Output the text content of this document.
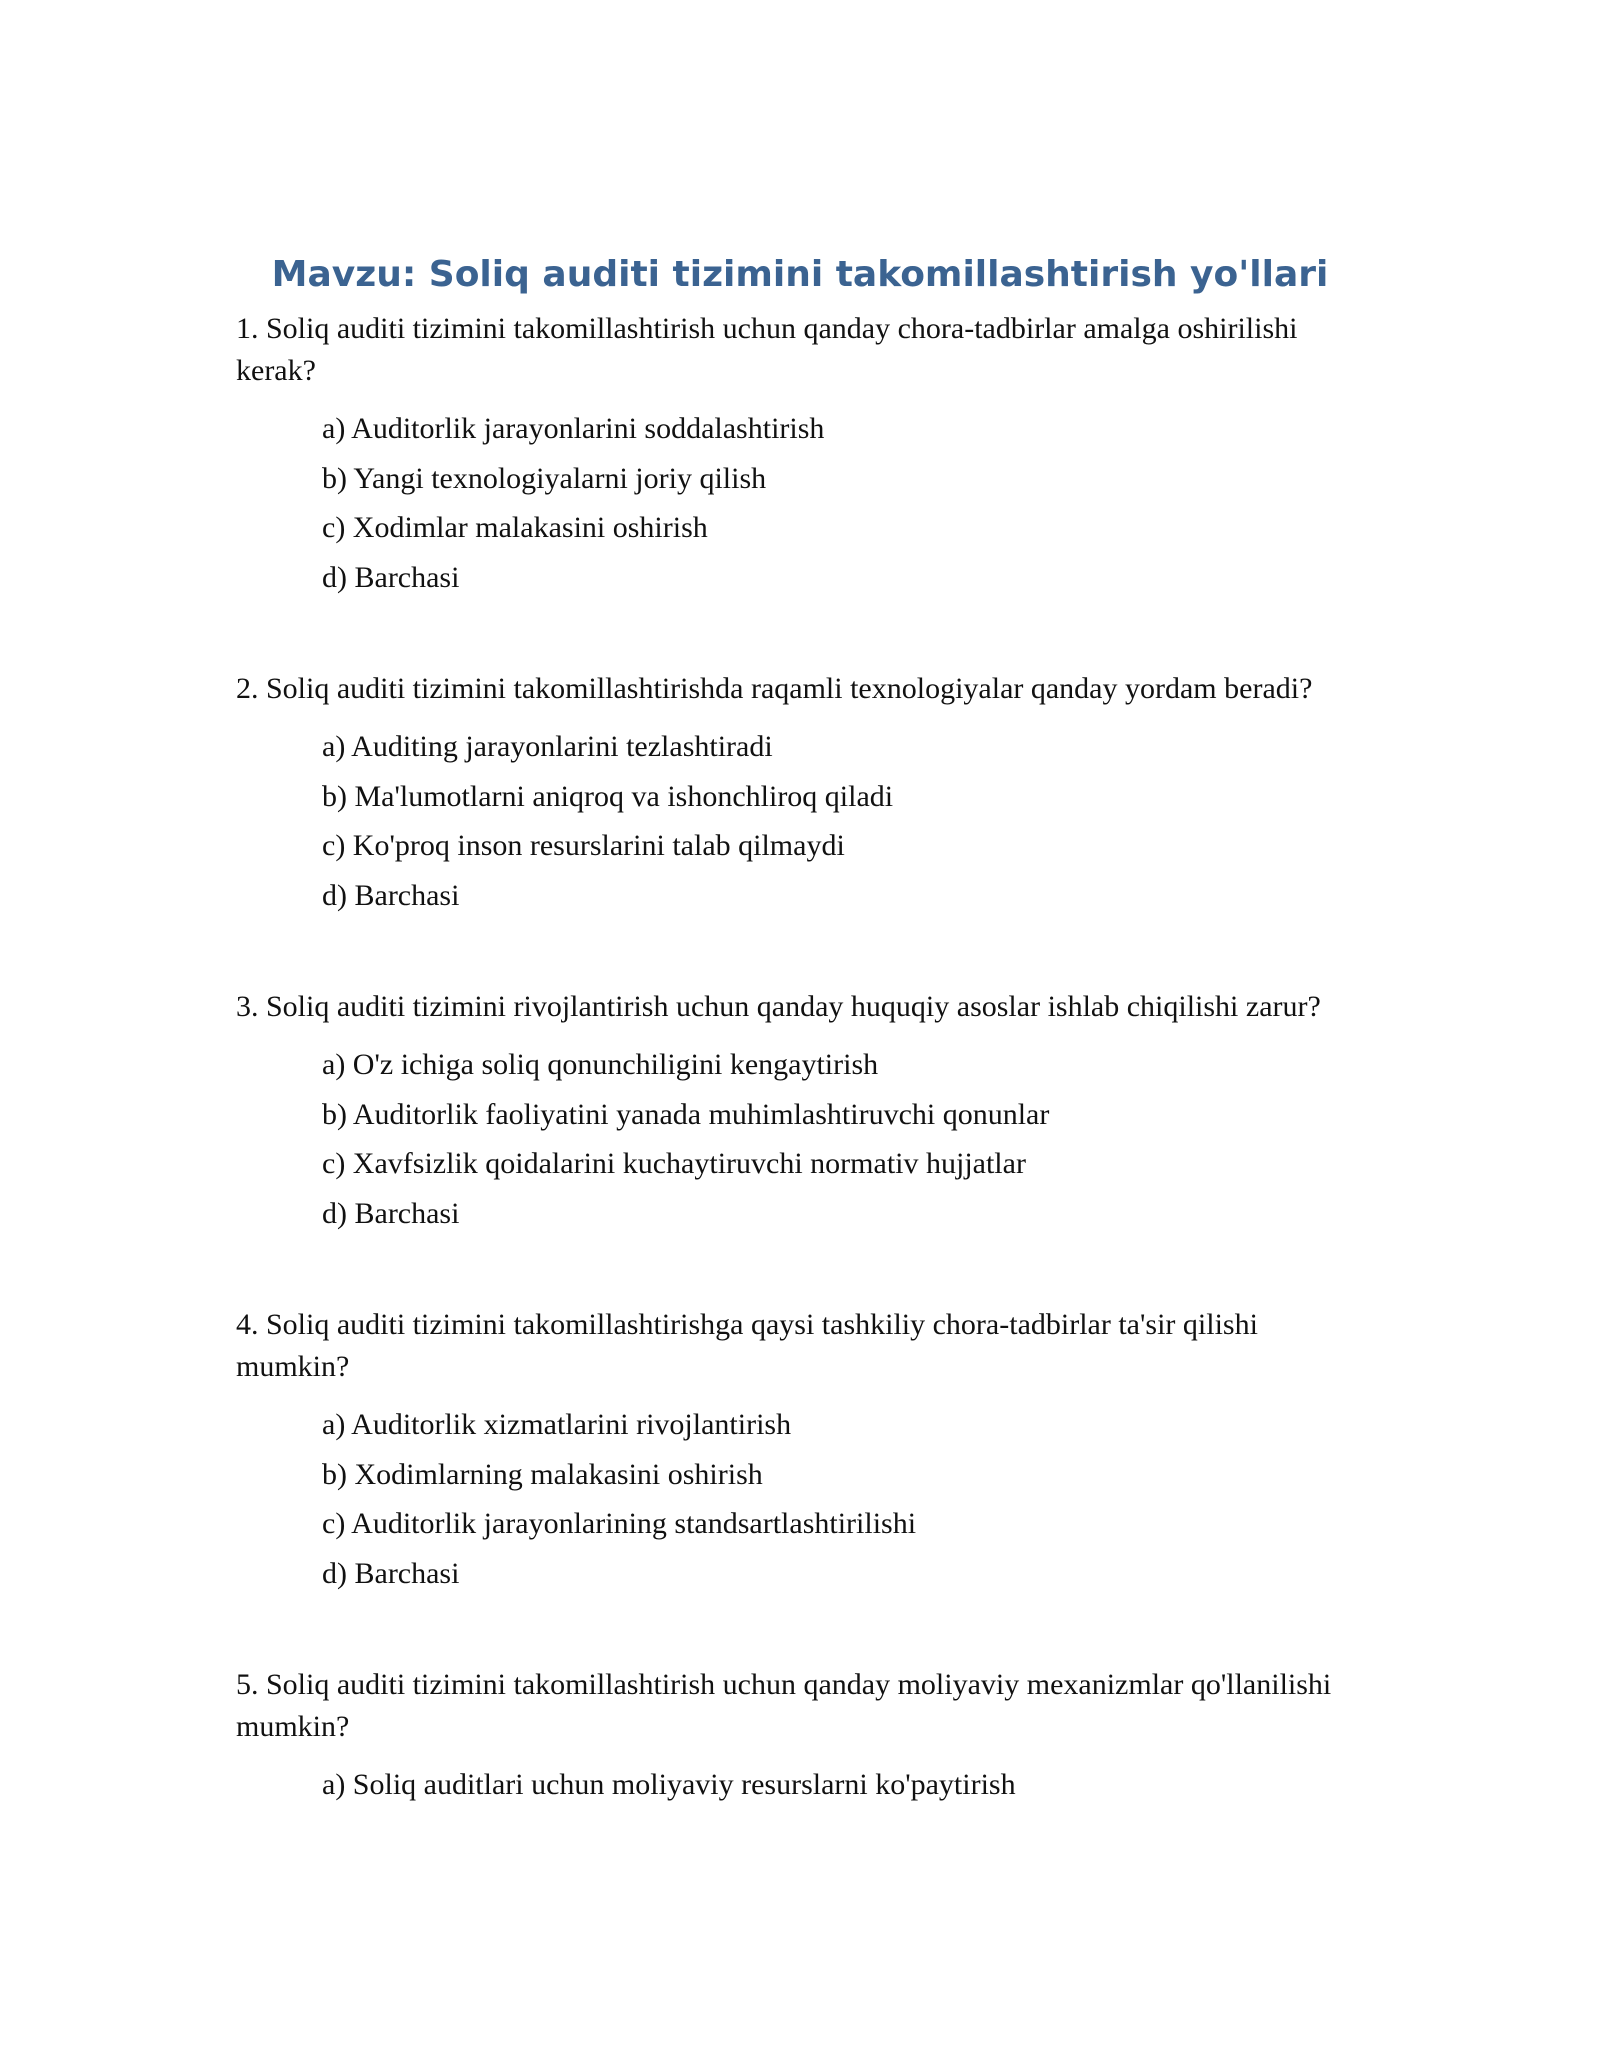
Mavzu: Soliq auditi tizimini takomillashtirish yo'llari

1. Soliq auditi tizimini takomillashtirish uchun qanday chora-tadbirlar amalga oshirilishi kerak?

a) Auditorlik jarayonlarini soddalashtirish
b) Yangi texnologiyalarni joriy qilish
c) Xodimlar malakasini oshirish
d) Barchasi

2. Soliq auditi tizimini takomillashtirishda raqamli texnologiyalar qanday yordam beradi?

a) Auditing jarayonlarini tezlashtiradi
b) Ma'lumotlarni aniqroq va ishonchliroq qiladi
c) Ko'proq inson resurslarini talab qilmaydi
d) Barchasi

3. Soliq auditi tizimini rivojlantirish uchun qanday huquqiy asoslar ishlab chiqilishi zarur?

a) O'z ichiga soliq qonunchiligini kengaytirish
b) Auditorlik faoliyatini yanada muhimlashtiruvchi qonunlar
c) Xavfsizlik qoidalarini kuchaytiruvchi normativ hujjatlar
d) Barchasi

4. Soliq auditi tizimini takomillashtirishga qaysi tashkiliy chora-tadbirlar ta'sir qilishi mumkin?

a) Auditorlik xizmatlarini rivojlantirish
b) Xodimlarning malakasini oshirish
c) Auditorlik jarayonlarining standsartlashtirilishi
d) Barchasi

5. Soliq auditi tizimini takomillashtirish uchun qanday moliyaviy mexanizmlar qo'llanilishi mumkin?

a) Soliq auditlari uchun moliyaviy resurslarni ko'paytirish
